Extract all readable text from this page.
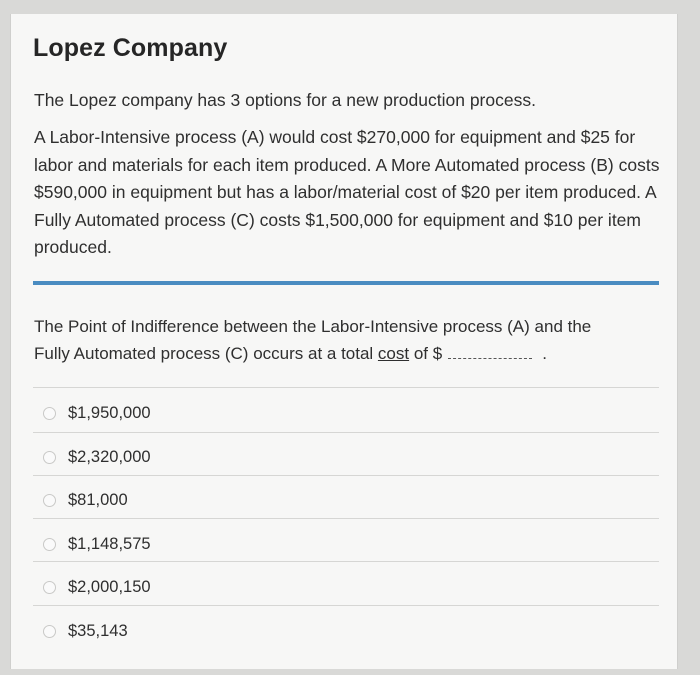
Lopez Company
The Lopez company has 3 options for a new production process.
A Labor-Intensive process (A) would cost $270,000 for equipment and $25 for labor and materials for each item produced. A More Automated process (B) costs $590,000 in equipment but has a labor/material cost of $20 per item produced. A Fully Automated process (C) costs $1,500,000 for equipment and $10 per item produced.
The Point of Indifference between the Labor-Intensive process (A) and the
Fully Automated process (C) occurs at a total cost of $	.
$1,950,000
$2,320,000
$81,000
$1,148,575
$2,000,150
$35,143
